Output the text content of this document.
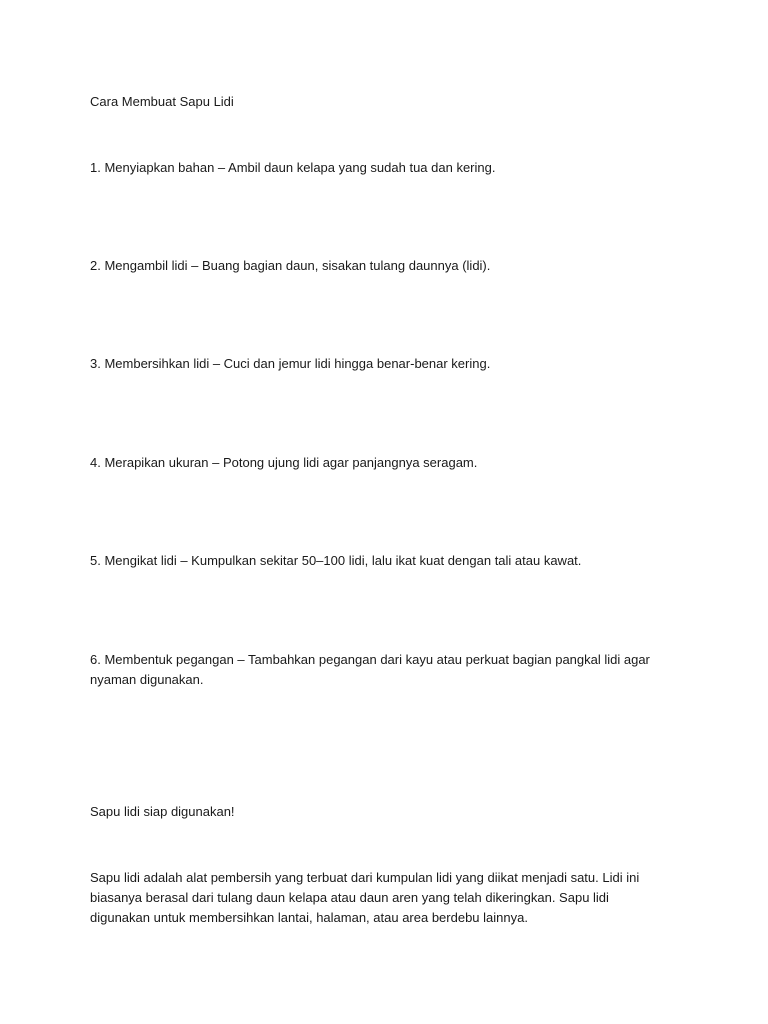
Cara Membuat Sapu Lidi

1. Menyiapkan bahan – Ambil daun kelapa yang sudah tua dan kering.

2. Mengambil lidi – Buang bagian daun, sisakan tulang daunnya (lidi).

3. Membersihkan lidi – Cuci dan jemur lidi hingga benar-benar kering.

4. Merapikan ukuran – Potong ujung lidi agar panjangnya seragam.

5. Mengikat lidi – Kumpulkan sekitar 50–100 lidi, lalu ikat kuat dengan tali atau kawat.

6. Membentuk pegangan – Tambahkan pegangan dari kayu atau perkuat bagian pangkal lidi agar nyaman digunakan.

Sapu lidi siap digunakan!

Sapu lidi adalah alat pembersih yang terbuat dari kumpulan lidi yang diikat menjadi satu. Lidi ini biasanya berasal dari tulang daun kelapa atau daun aren yang telah dikeringkan. Sapu lidi digunakan untuk membersihkan lantai, halaman, atau area berdebu lainnya.
